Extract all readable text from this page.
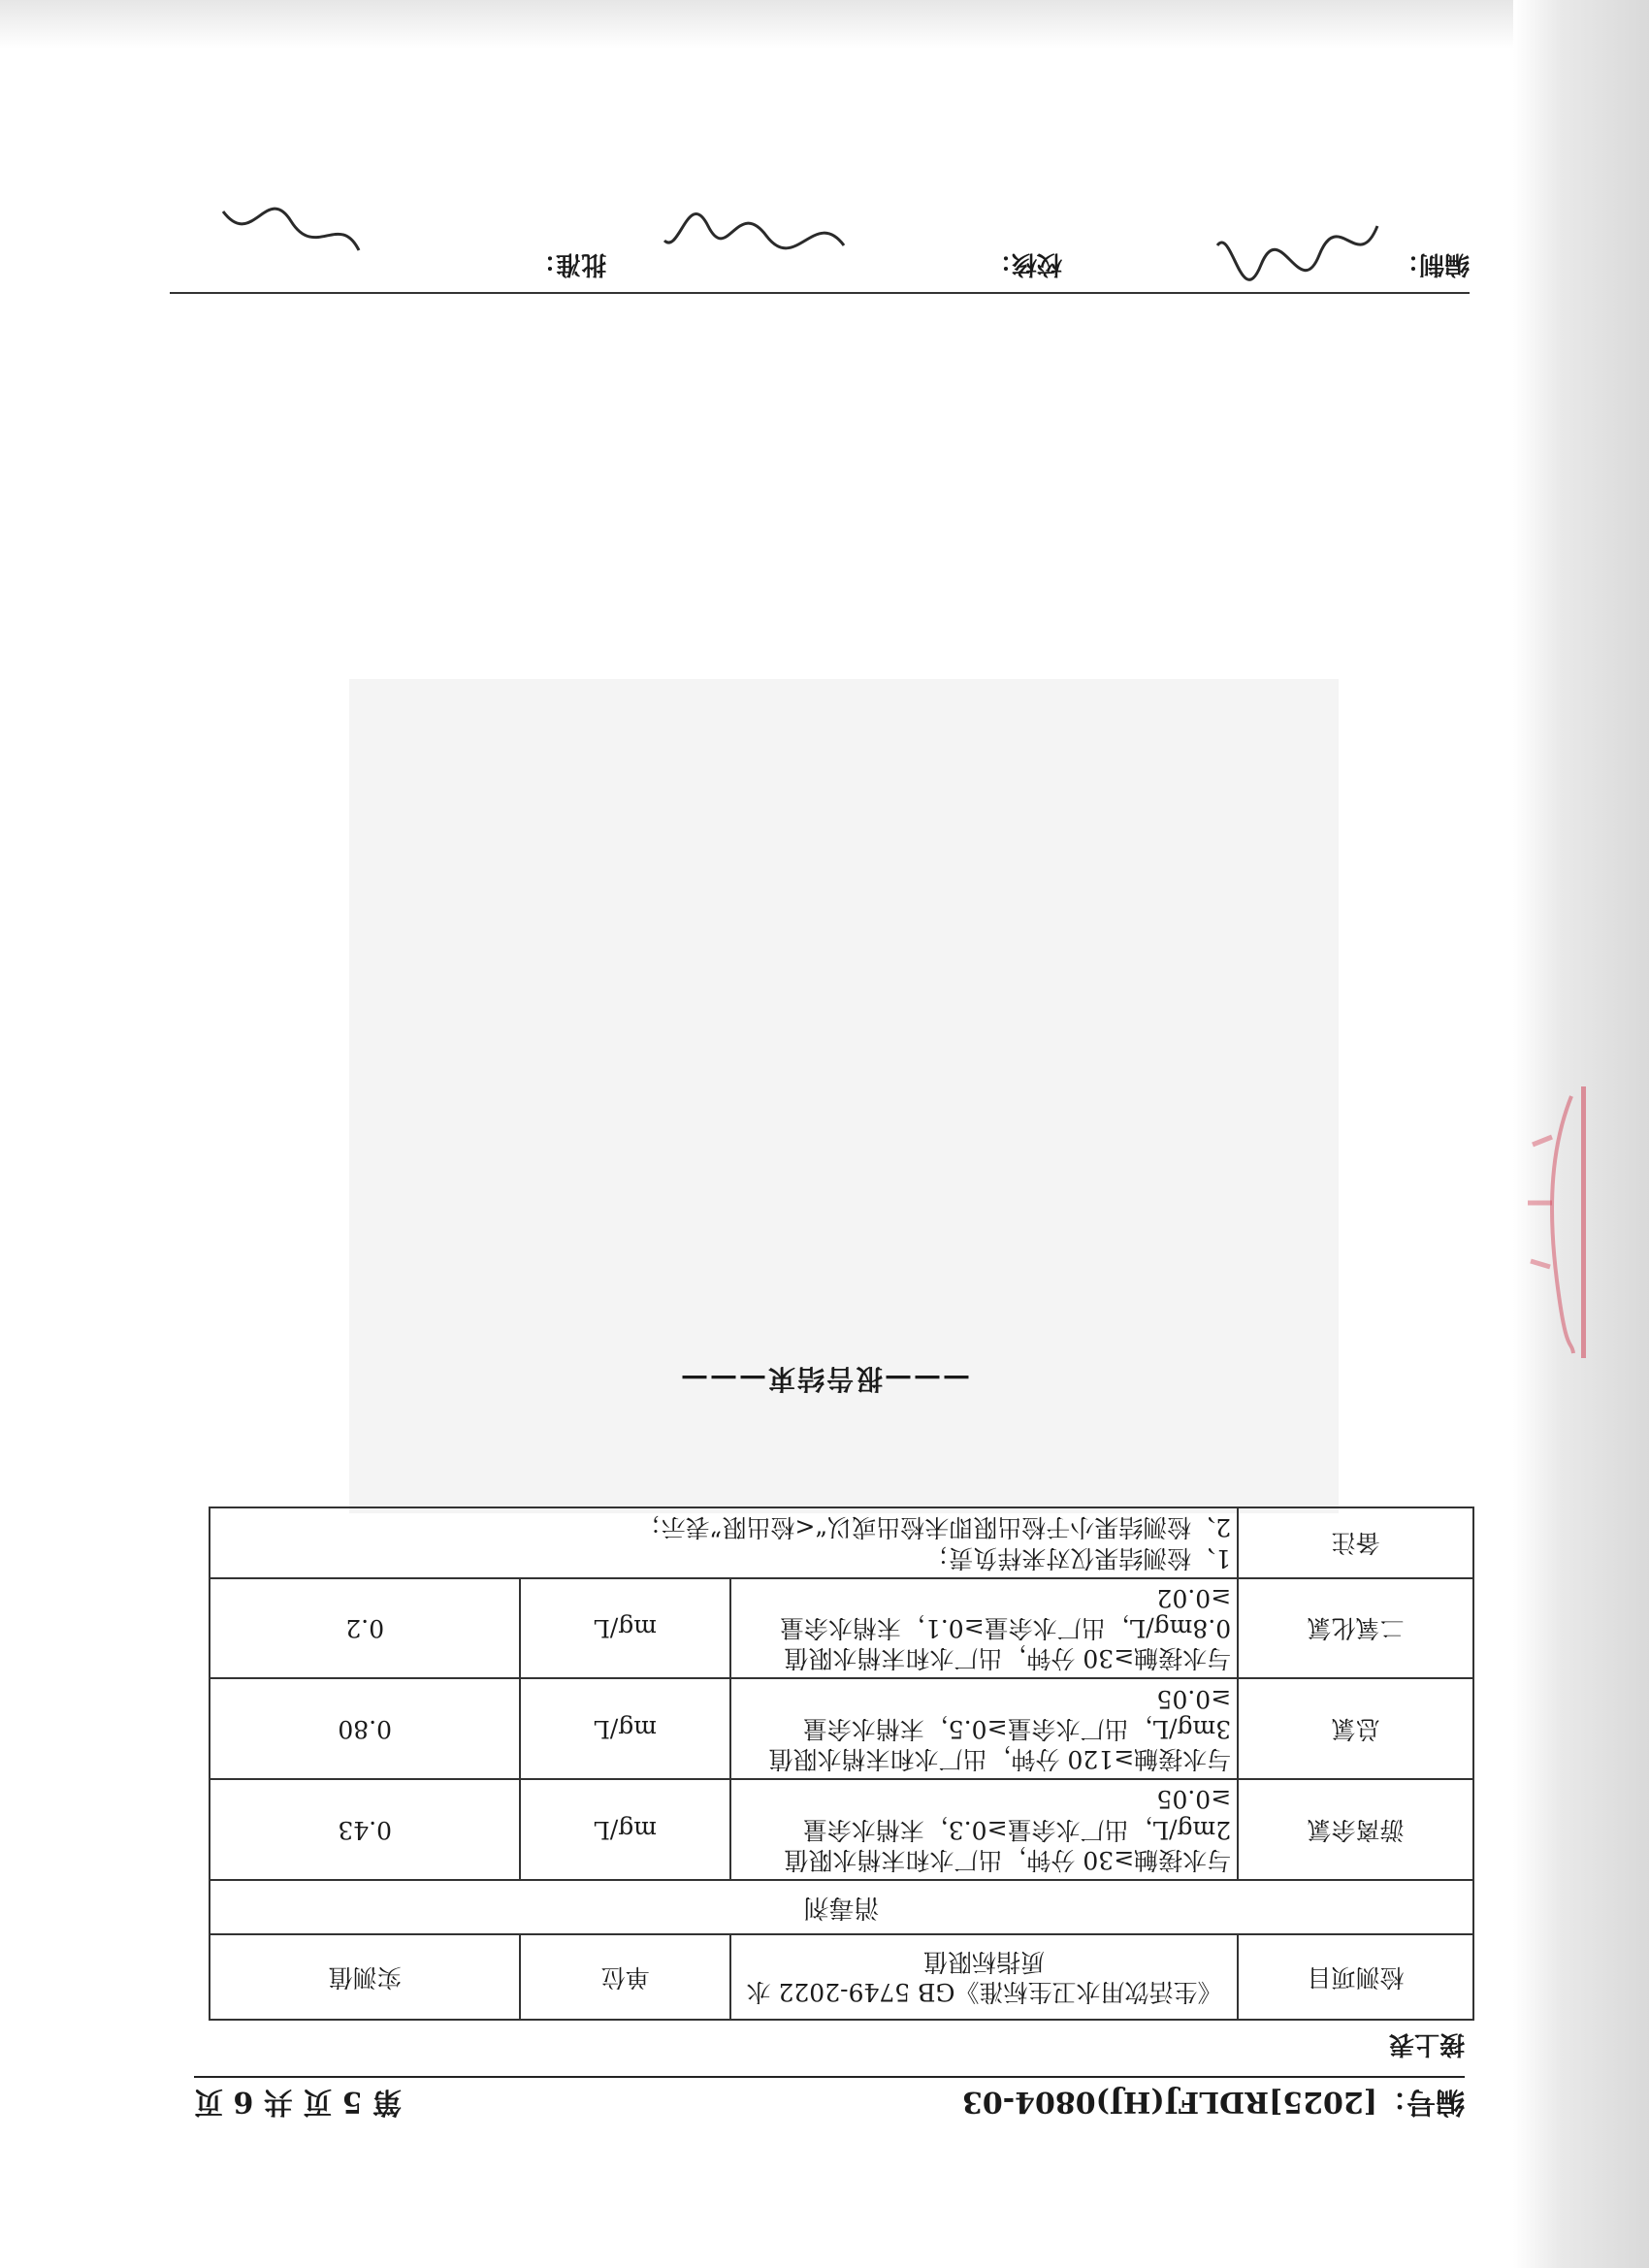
编号：[2025]RDLFJ(HJ)0804-03
第 5 页 共 6 页
接上表
检测项目	《生活饮用水卫生标准》GB 5749-2022 水质指标限值	单位	实测值
消毒剂			
游离余氯	与水接触≥30 分钟，出厂水和末梢水限值2mg/L，出厂水余量≥0.3，末梢水余量≥0.05	mg/L	0.43
总氯	与水接触≥120 分钟，出厂水和末梢水限值3mg/L，出厂水余量≥0.5，末梢水余量≥0.05	mg/L	0.80
二氧化氯	与水接触≥30 分钟，出厂水和末梢水限值0.8mg/L，出厂水余量≥0.1，末梢水余量≥0.02	mg/L	0.2
备注	1、检测结果仅对来样负责；
2、检测结果小于检出限即未检出或以“<检出限”表示；		
———报告结束———
编制：
校核：
批准：
